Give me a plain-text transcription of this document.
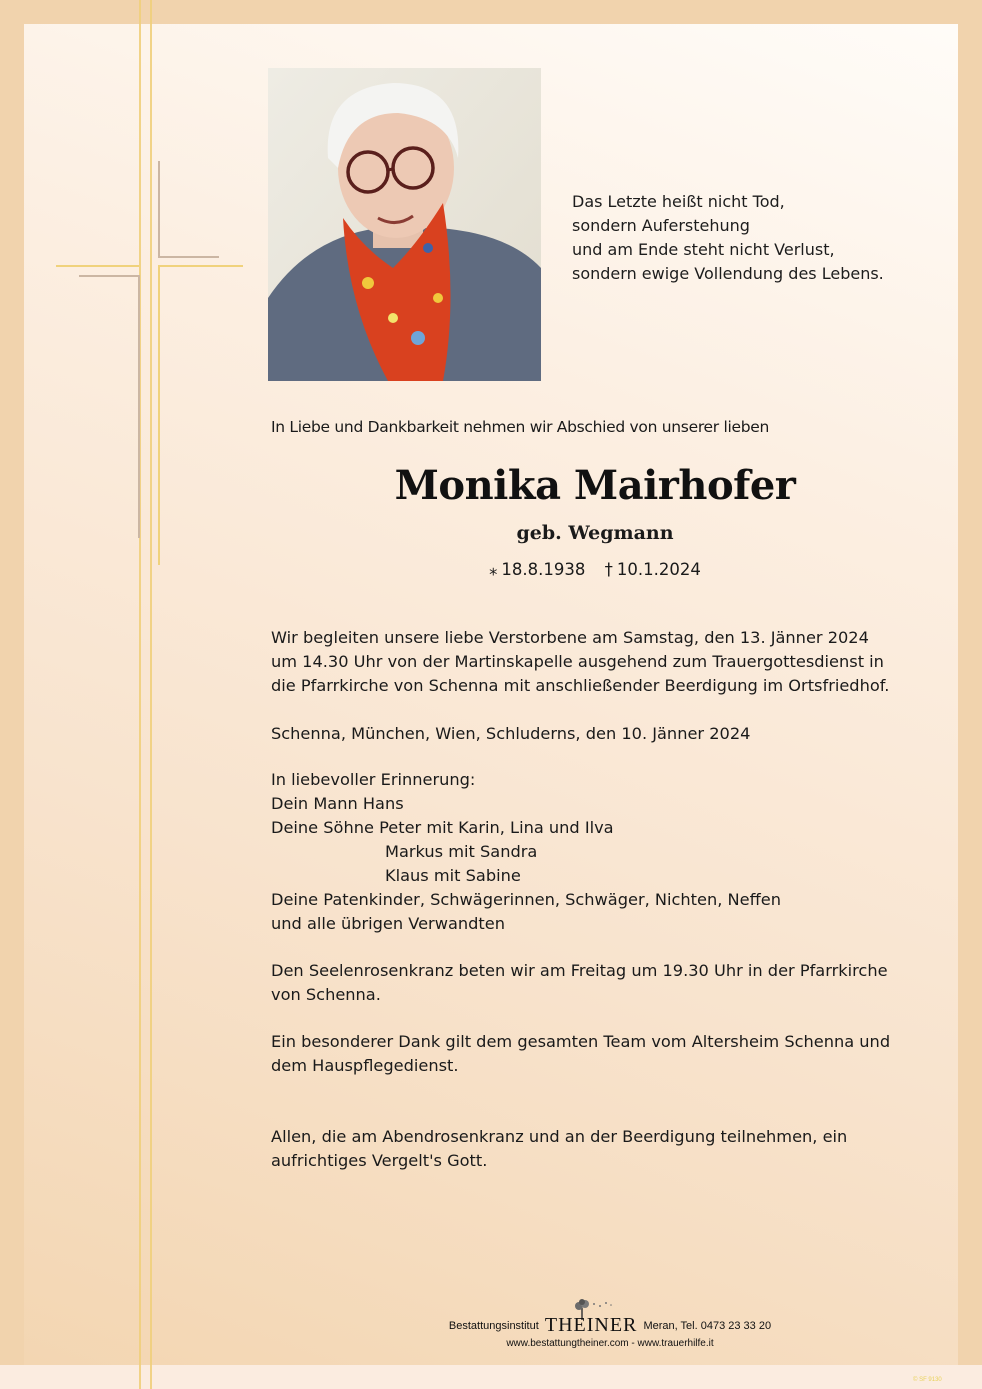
Das Letzte heißt nicht Tod,
sondern Auferstehung
und am Ende steht nicht Verlust,
sondern ewige Vollendung des Lebens.
In Liebe und Dankbarkeit nehmen wir Abschied von unserer lieben
Monika Mairhofer
geb. Wegmann
⁎ 18.8.1938 † 10.1.2024
Wir begleiten unsere liebe Verstorbene am Samstag, den 13. Jänner 2024
um 14.30 Uhr von der Martinskapelle ausgehend zum Trauergottesdienst in
die Pfarrkirche von Schenna mit anschließender Beerdigung im Ortsfriedhof.
Schenna, München, Wien, Schluderns, den 10. Jänner 2024
In liebevoller Erinnerung:
Dein Mann Hans
Deine Söhne Peter mit Karin, Lina und Ilva
Markus mit Sandra
Klaus mit Sabine
Deine Patenkinder, Schwägerinnen, Schwäger, Nichten, Neffen
und alle übrigen Verwandten
Den Seelenrosenkranz beten wir am Freitag um 19.30 Uhr in der Pfarrkirche
von Schenna.
Ein besonderer Dank gilt dem gesamten Team vom Altersheim Schenna und
dem Hauspflegedienst.
Allen, die am Abendrosenkranz und an der Beerdigung teilnehmen, ein
aufrichtiges Vergelt's Gott.
Bestattungsinstitut THEINER Meran, Tel. 0473 23 33 20
www.bestattungtheiner.com - www.trauerhilfe.it
© SF 9130
